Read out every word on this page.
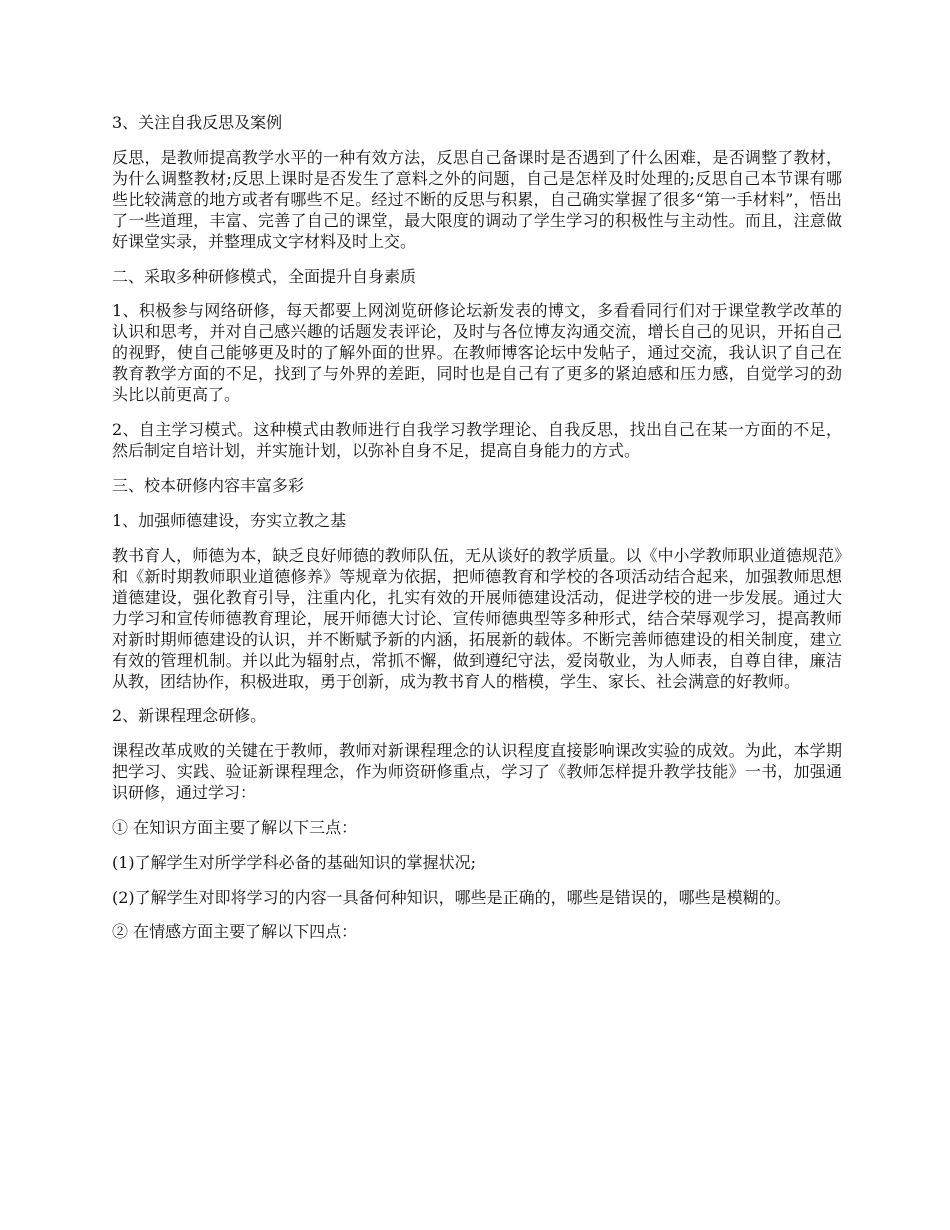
3、关注自我反思及案例

反思，是教师提高教学水平的一种有效方法，反思自己备课时是否遇到了什么困难，是否调整了教材，为什么调整教材;反思上课时是否发生了意料之外的问题，自己是怎样及时处理的;反思自己本节课有哪些比较满意的地方或者有哪些不足。经过不断的反思与积累，自己确实掌握了很多“第一手材料”，悟出了一些道理，丰富、完善了自己的课堂，最大限度的调动了学生学习的积极性与主动性。而且，注意做好课堂实录，并整理成文字材料及时上交。

二、采取多种研修模式，全面提升自身素质

1、积极参与网络研修，每天都要上网浏览研修论坛新发表的博文，多看看同行们对于课堂教学改革的认识和思考，并对自己感兴趣的话题发表评论，及时与各位博友沟通交流，增长自己的见识，开拓自己的视野，使自己能够更及时的了解外面的世界。在教师博客论坛中发帖子，通过交流，我认识了自己在教育教学方面的不足，找到了与外界的差距，同时也是自己有了更多的紧迫感和压力感，自觉学习的劲头比以前更高了。

2、自主学习模式。这种模式由教师进行自我学习教学理论、自我反思，找出自己在某一方面的不足，然后制定自培计划，并实施计划，以弥补自身不足，提高自身能力的方式。

三、校本研修内容丰富多彩

1、加强师德建设，夯实立教之基

教书育人，师德为本，缺乏良好师德的教师队伍，无从谈好的教学质量。以《中小学教师职业道德规范》和《新时期教师职业道德修养》等规章为依据，把师德教育和学校的各项活动结合起来，加强教师思想道德建设，强化教育引导，注重内化，扎实有效的开展师德建设活动，促进学校的进一步发展。通过大力学习和宣传师德教育理论，展开师德大讨论、宣传师德典型等多种形式，结合荣辱观学习，提高教师对新时期师德建设的认识，并不断赋予新的内涵，拓展新的载体。不断完善师德建设的相关制度，建立有效的管理机制。并以此为辐射点，常抓不懈，做到遵纪守法，爱岗敬业，为人师表，自尊自律，廉洁从教，团结协作，积极进取，勇于创新，成为教书育人的楷模，学生、家长、社会满意的好教师。

2、新课程理念研修。

课程改革成败的关键在于教师，教师对新课程理念的认识程度直接影响课改实验的成效。为此，本学期把学习、实践、验证新课程理念，作为师资研修重点，学习了《教师怎样提升教学技能》一书，加强通识研修，通过学习：

① 在知识方面主要了解以下三点：

(1)了解学生对所学学科必备的基础知识的掌握状况;

(2)了解学生对即将学习的内容一具备何种知识，哪些是正确的，哪些是错误的，哪些是模糊的。

② 在情感方面主要了解以下四点：
